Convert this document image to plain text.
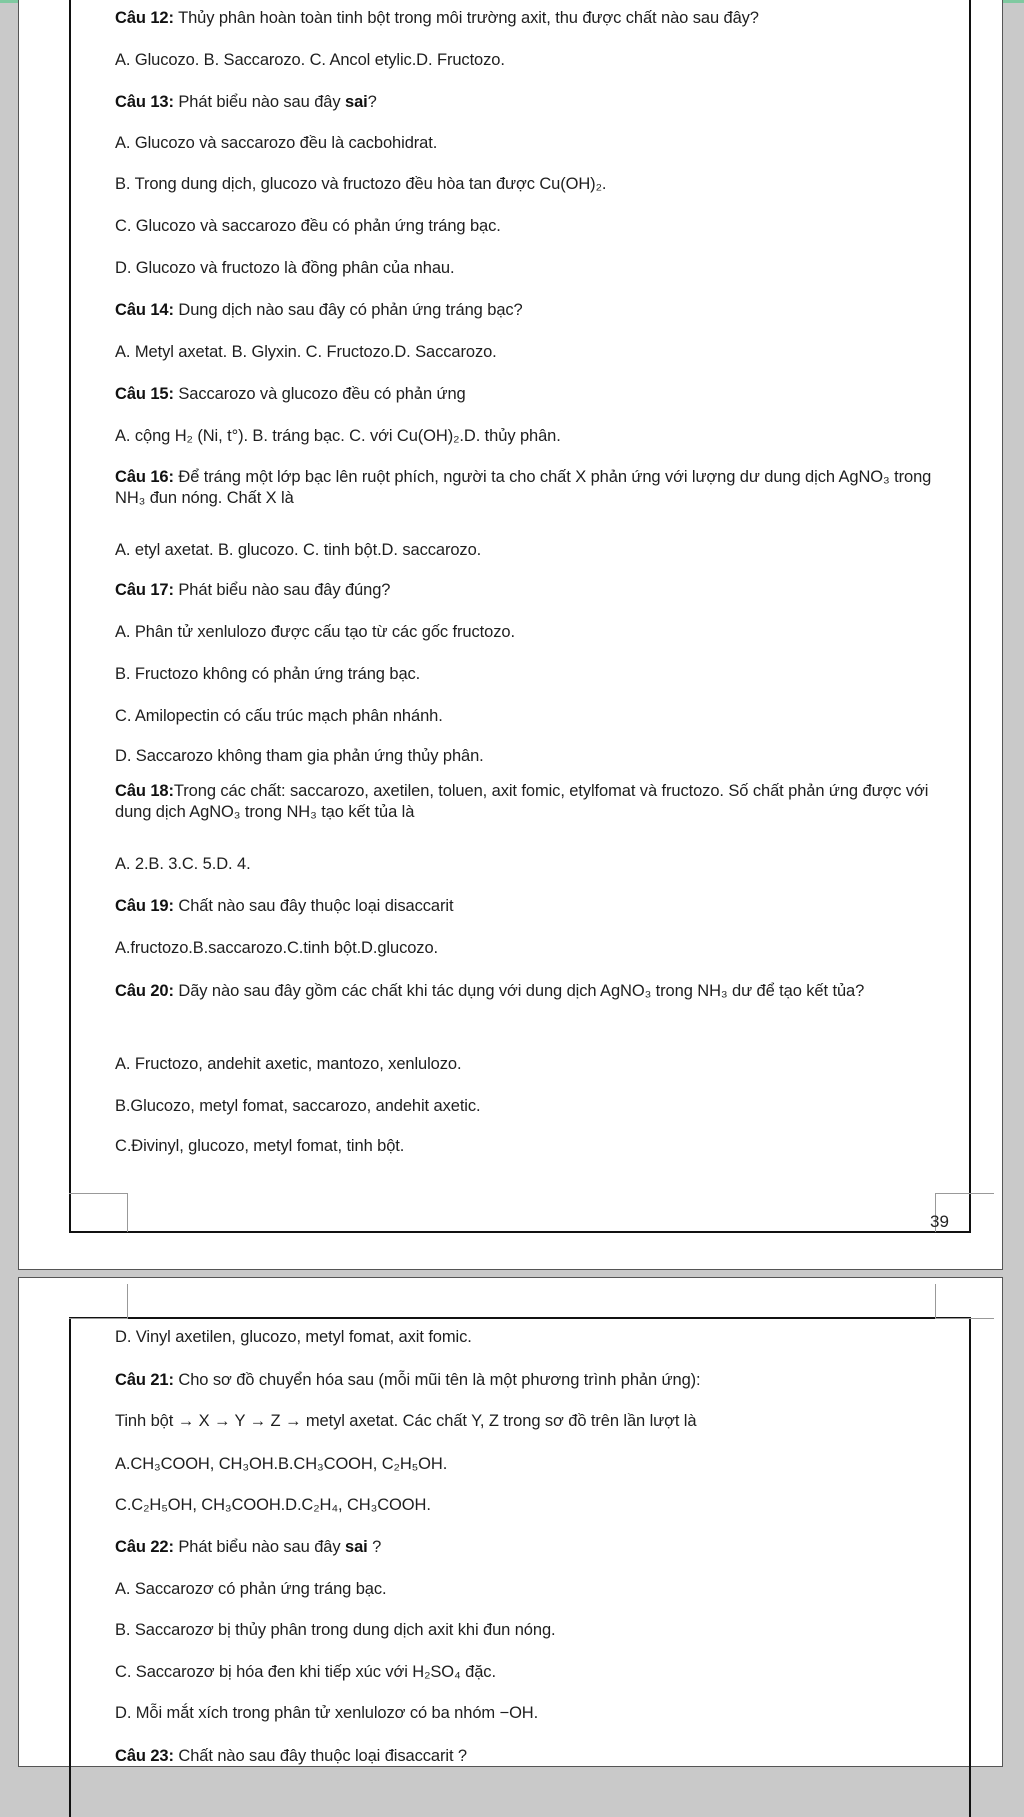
39
Câu 12: Thủy phân hoàn toàn tinh bột trong môi trường axit, thu được chất nào sau đây?
A. Glucozo. B. Saccarozo. C. Ancol etylic.D. Fructozo.
Câu 13: Phát biểu nào sau đây sai?
A. Glucozo và saccarozo đều là cacbohidrat.
B. Trong dung dịch, glucozo và fructozo đều hòa tan được Cu(OH)₂.
C. Glucozo và saccarozo đều có phản ứng tráng bạc.
D. Glucozo và fructozo là đồng phân của nhau.
Câu 14: Dung dịch nào sau đây có phản ứng tráng bạc?
A. Metyl axetat. B. Glyxin. C. Fructozo.D. Saccarozo.
Câu 15: Saccarozo và glucozo đều có phản ứng
A. cộng H₂ (Ni, t°). B. tráng bạc. C. với Cu(OH)₂.D. thủy phân.
Câu 16: Để tráng một lớp bạc lên ruột phích, người ta cho chất X phản ứng với lượng dư dung dịch AgNO₃ trong NH₃ đun nóng. Chất X là
A. etyl axetat. B. glucozo. C. tinh bột.D. saccarozo.
Câu 17: Phát biểu nào sau đây đúng?
A. Phân tử xenlulozo được cấu tạo từ các gốc fructozo.
B. Fructozo không có phản ứng tráng bạc.
C. Amilopectin có cấu trúc mạch phân nhánh.
D. Saccarozo không tham gia phản ứng thủy phân.
Câu 18:Trong các chất: saccarozo, axetilen, toluen, axit fomic, etylfomat và fructozo. Số chất phản ứng được với dung dịch AgNO₃ trong NH₃ tạo kết tủa là
A. 2.B. 3.C. 5.D. 4.
Câu 19: Chất nào sau đây thuộc loại disaccarit
A.fructozo.B.saccarozo.C.tinh bột.D.glucozo.
Câu 20: Dãy nào sau đây gồm các chất khi tác dụng với dung dịch AgNO₃ trong NH₃ dư để tạo kết tủa?
A. Fructozo, andehit axetic, mantozo, xenlulozo.
B.Glucozo, metyl fomat, saccarozo, andehit axetic.
C.Đivinyl, glucozo, metyl fomat, tinh bột.
D. Vinyl axetilen, glucozo, metyl fomat, axit fomic.
Câu 21: Cho sơ đồ chuyển hóa sau (mỗi mũi tên là một phương trình phản ứng):
Tinh bột → X → Y → Z → metyl axetat. Các chất Y, Z trong sơ đồ trên lần lượt là
A.CH₃COOH, CH₃OH.B.CH₃COOH, C₂H₅OH.
C.C₂H₅OH, CH₃COOH.D.C₂H₄, CH₃COOH.
Câu 22: Phát biểu nào sau đây sai ?
A. Saccarozơ có phản ứng tráng bạc.
B. Saccarozơ bị thủy phân trong dung dịch axit khi đun nóng.
C. Saccarozơ bị hóa đen khi tiếp xúc với H₂SO₄ đặc.
D. Mỗi mắt xích trong phân tử xenlulozơ có ba nhóm −OH.
Câu 23: Chất nào sau đây thuộc loại đisaccarit ?
